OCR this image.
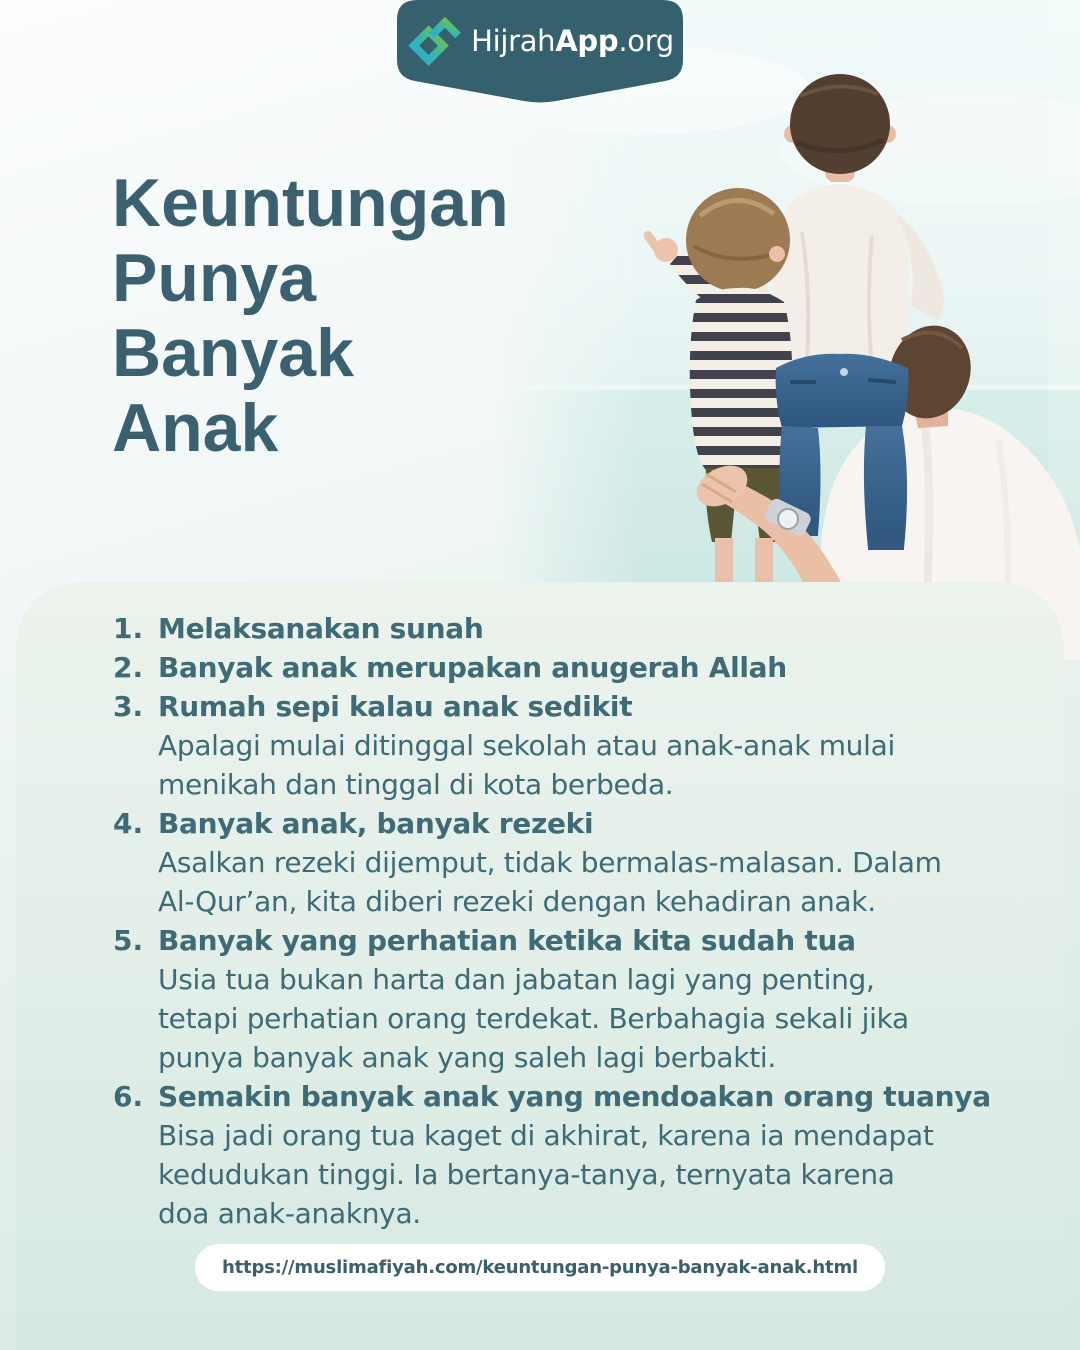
HijrahApp.org
Keuntungan
Punya
Banyak
Anak
1. Melaksanakan sunah
2. Banyak anak merupakan anugerah Allah
3. Rumah sepi kalau anak sedikit
Apalagi mulai ditinggal sekolah atau anak-anak mulai
menikah dan tinggal di kota berbeda.
4. Banyak anak, banyak rezeki
Asalkan rezeki dijemput, tidak bermalas-malasan. Dalam
Al-Qur’an, kita diberi rezeki dengan kehadiran anak.
5. Banyak yang perhatian ketika kita sudah tua
Usia tua bukan harta dan jabatan lagi yang penting,
tetapi perhatian orang terdekat. Berbahagia sekali jika
punya banyak anak yang saleh lagi berbakti.
6. Semakin banyak anak yang mendoakan orang tuanya
Bisa jadi orang tua kaget di akhirat, karena ia mendapat
kedudukan tinggi. Ia bertanya-tanya, ternyata karena
doa anak-anaknya.
https://muslimafiyah.com/keuntungan-punya-banyak-anak.html
